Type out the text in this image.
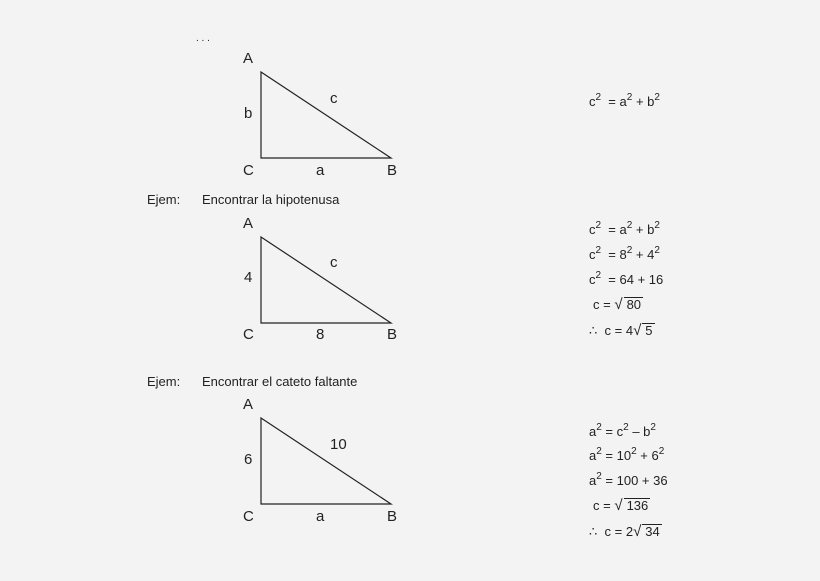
. . .
A
b
c
C	a	B
$c^2 = a^2 + b^2$
Ejem: Encontrar la hipotenusa
A
4
c
C	8	B
$c^2 = a^2 + b^2$
$c^2 = 8^2 + 4^2$
$c^2 = 64 + 16$
c = √ 80
∴ c = 4√ 5
Ejem: Encontrar el cateto faltante
A
6
10
C	a	B
$a^2 = c^2 - b^2$
$a^2 = 10^2 + 6^2$
$a^2 = 100 + 36$
c = √ 136
∴ c = 2√ 34
